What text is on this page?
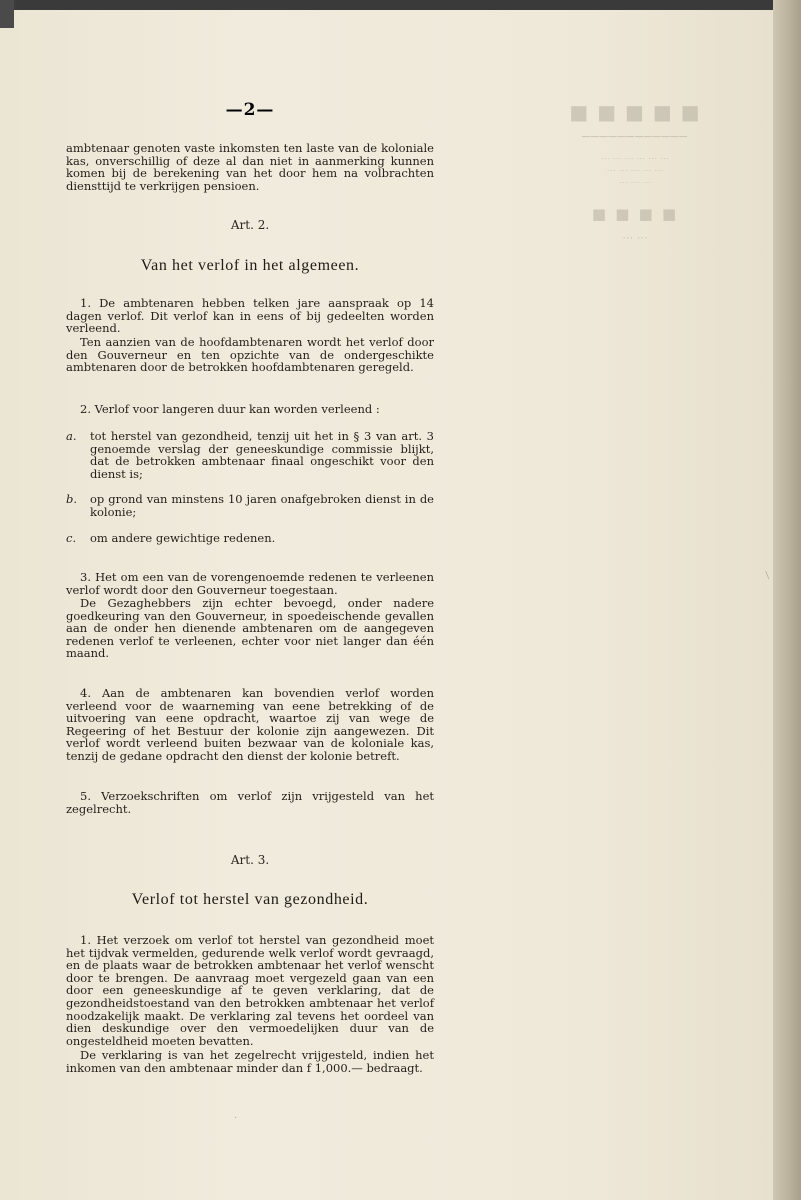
■ ■ ■ ■ ■
────────────
⋯ ⋯ ⋯ ⋯ ⋯ ⋯
⋯ ⋯ ⋯ ⋯ ⋯
⋯ ⋯ ⋯
■ ■ ■ ■
⋯ ⋯
—2—
ambtenaar genoten vaste inkomsten ten laste van de koloniale kas, onverschillig of deze al dan niet in aanmerking kunnen komen bij de berekening van het door hem na volbrachten diensttijd te verkrijgen pensioen.
Art. 2.
Van het verlof in het algemeen.
1. De ambtenaren hebben telken jare aanspraak op 14 dagen verlof. Dit verlof kan in eens of bij gedeelten worden verleend.
Ten aanzien van de hoofdambtenaren wordt het verlof door den Gouverneur en ten opzichte van de ondergeschikte ambtenaren door de betrokken hoofdambtenaren geregeld.
2. Verlof voor langeren duur kan worden verleend :
a. tot herstel van gezondheid, tenzij uit het in § 3 van art. 3 genoemde verslag der geneeskundige commissie blijkt, dat de betrokken ambtenaar finaal ongeschikt voor den dienst is;
b. op grond van minstens 10 jaren onafgebroken dienst in de kolonie;
c. om andere gewichtige redenen.
3. Het om een van de vorengenoemde redenen te verleenen verlof wordt door den Gouverneur toegestaan.
De Gezaghebbers zijn echter bevoegd, onder nadere goedkeuring van den Gouverneur, in spoedeischende gevallen aan de onder hen dienende ambtenaren om de aangegeven redenen verlof te verleenen, echter voor niet langer dan één maand.
4. Aan de ambtenaren kan bovendien verlof worden verleend voor de waarneming van eene betrekking of de uitvoering van eene opdracht, waartoe zij van wege de Regeering of het Bestuur der kolonie zijn aangewezen. Dit verlof wordt verleend buiten bezwaar van de koloniale kas, tenzij de gedane opdracht den dienst der kolonie betreft.
5. Verzoekschriften om verlof zijn vrijgesteld van het zegelrecht.
Art. 3.
Verlof tot herstel van gezondheid.
1. Het verzoek om verlof tot herstel van gezondheid moet het tijdvak vermelden, gedurende welk verlof wordt gevraagd, en de plaats waar de betrokken ambtenaar het verlof wenscht door te brengen. De aanvraag moet vergezeld gaan van een door een geneeskundige af te geven verklaring, dat de gezondheidstoestand van den betrokken ambtenaar het verlof noodzakelijk maakt. De verklaring zal tevens het oordeel van dien deskundige over den vermoedelijken duur van de ongesteldheid moeten bevatten.
De verklaring is van het zegelrecht vrijgesteld, indien het inkomen van den ambtenaar minder dan f 1,000.— bedraagt.
/
.
